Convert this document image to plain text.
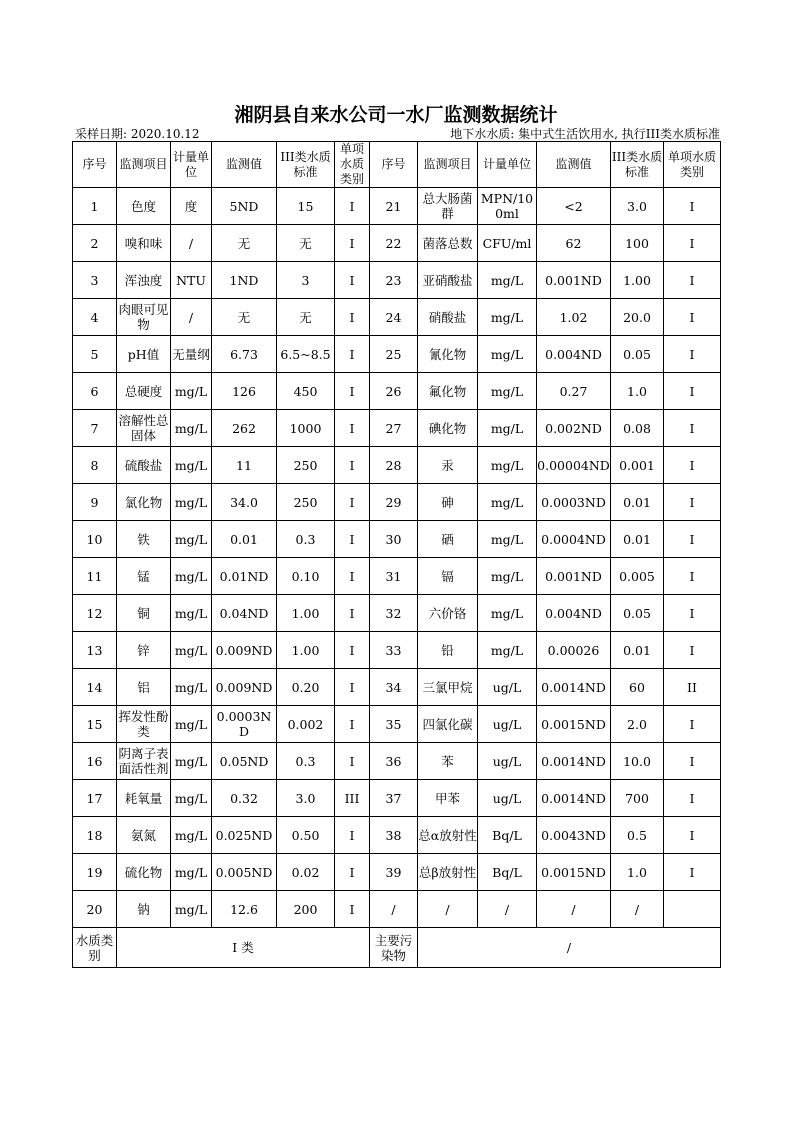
湘阴县自来水公司一水厂监测数据统计
采样日期: 2020.10.12	地下水水质: 集中式生活饮用水, 执行III类水质标准
序号	监测项目	计量单位	监测值	III类水质标准	单项水质类别	序号	监测项目	计量单位	监测值	III类水质标准	单项水质类别
1	色度	度	5ND	15	I	21	总大肠菌群	MPN/100ml	<2	3.0	I
2	嗅和味	/	无	无	I	22	菌落总数	CFU/ml	62	100	I
3	浑浊度	NTU	1ND	3	I	23	亚硝酸盐	mg/L	0.001ND	1.00	I
4	肉眼可见物	/	无	无	I	24	硝酸盐	mg/L	1.02	20.0	I
5	pH值	无量纲	6.73	6.5~8.5	I	25	氰化物	mg/L	0.004ND	0.05	I
6	总硬度	mg/L	126	450	I	26	氟化物	mg/L	0.27	1.0	I
7	溶解性总固体	mg/L	262	1000	I	27	碘化物	mg/L	0.002ND	0.08	I
8	硫酸盐	mg/L	11	250	I	28	汞	mg/L	0.00004ND	0.001	I
9	氯化物	mg/L	34.0	250	I	29	砷	mg/L	0.0003ND	0.01	I
10	铁	mg/L	0.01	0.3	I	30	硒	mg/L	0.0004ND	0.01	I
11	锰	mg/L	0.01ND	0.10	I	31	镉	mg/L	0.001ND	0.005	I
12	铜	mg/L	0.04ND	1.00	I	32	六价铬	mg/L	0.004ND	0.05	I
13	锌	mg/L	0.009ND	1.00	I	33	铅	mg/L	0.00026	0.01	I
14	铝	mg/L	0.009ND	0.20	I	34	三氯甲烷	ug/L	0.0014ND	60	II
15	挥发性酚类	mg/L	0.0003ND	0.002	I	35	四氯化碳	ug/L	0.0015ND	2.0	I
16	阴离子表面活性剂	mg/L	0.05ND	0.3	I	36	苯	ug/L	0.0014ND	10.0	I
17	耗氧量	mg/L	0.32	3.0	III	37	甲苯	ug/L	0.0014ND	700	I
18	氨氮	mg/L	0.025ND	0.50	I	38	总α放射性	Bq/L	0.0043ND	0.5	I
19	硫化物	mg/L	0.005ND	0.02	I	39	总β放射性	Bq/L	0.0015ND	1.0	I
20	钠	mg/L	12.6	200	I	/	/	/	/	/	
水质类别	I 类					主要污染物	/				
